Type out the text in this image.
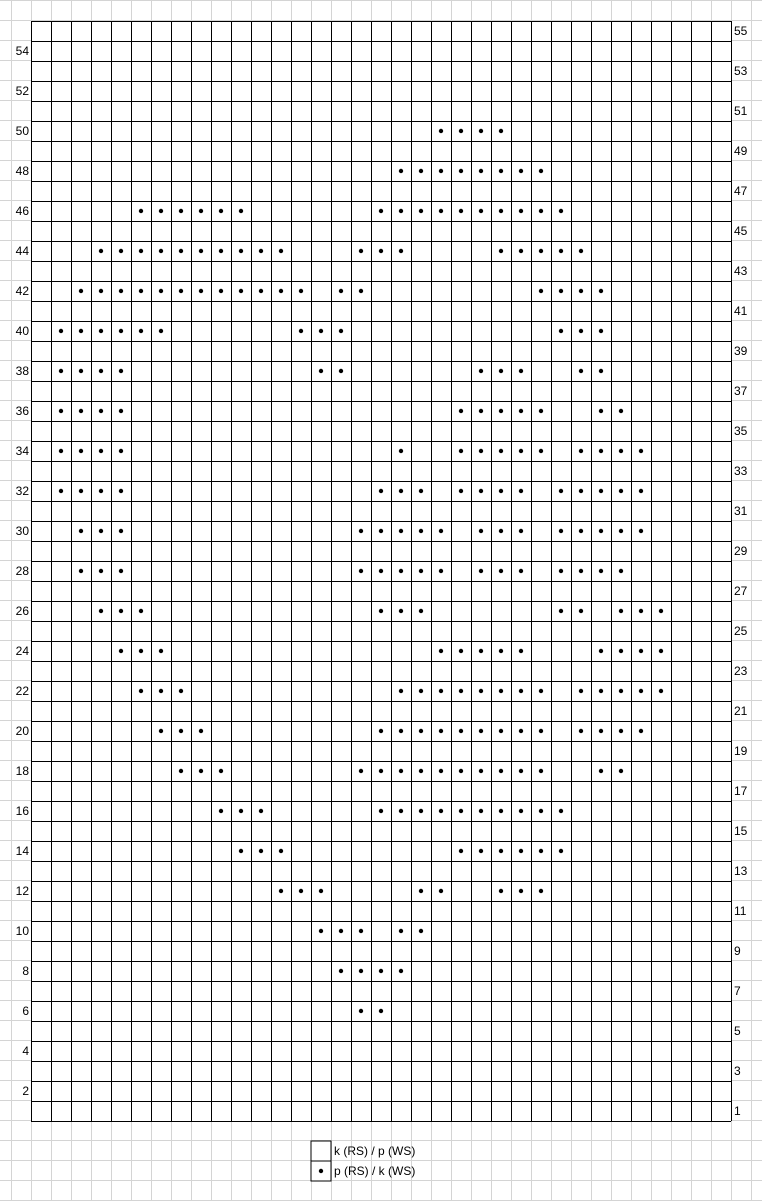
54
52
50
48
46
44
42
40
38
36
34
32
30
28
26
24
22
20
18
16
14
12
10
8
6
4
2
55
53
51
49
47
45
43
41
39
37
35
33
31
29
27
25
23
21
19
17
15
13
11
9
7
5
3
1
k (RS) / p (WS)
p (RS) / k (WS)
